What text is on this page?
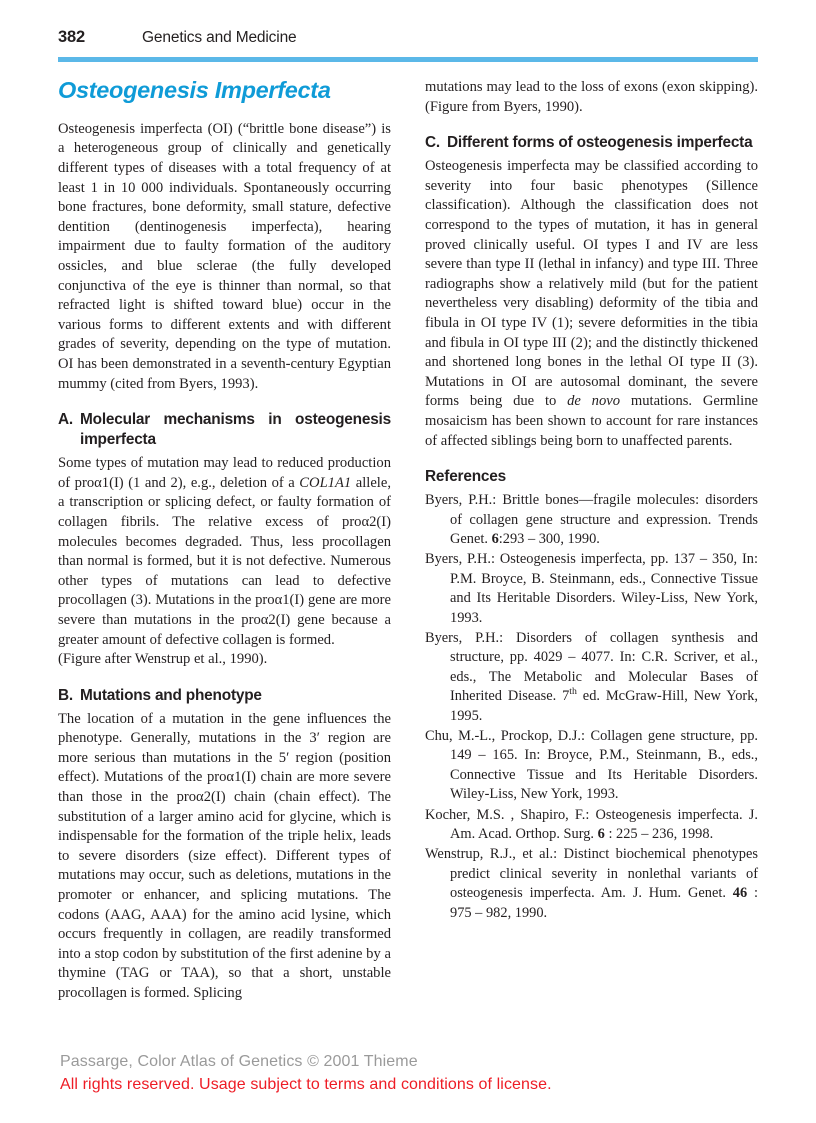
382	Genetics and Medicine
Osteogenesis Imperfecta

Osteogenesis imperfecta (OI) (“brittle bone disease”) is a heterogeneous group of clinically and genetically different types of diseases with a total frequency of at least 1 in 10 000 individuals. Spontaneously occurring bone fractures, bone deformity, small stature, defective dentition (dentinogenesis imperfecta), hearing impairment due to faulty formation of the auditory ossicles, and blue sclerae (the fully developed conjunctiva of the eye is thinner than normal, so that refracted light is shifted toward blue) occur in the various forms to different extents and with different grades of severity, depending on the type of mutation. OI has been demonstrated in a seventh-century Egyptian mummy (cited from Byers, 1993).

A. Molecular mechanisms in osteogenesis imperfecta

Some types of mutation may lead to reduced production of proα1(I) (1 and 2), e.g., deletion of a COL1A1 allele, a transcription or splicing defect, or faulty formation of collagen fibrils. The relative excess of proα2(I) molecules becomes degraded. Thus, less procollagen than normal is formed, but it is not defective. Numerous other types of mutations can lead to defective procollagen (3). Mutations in the proα1(I) gene are more severe than mutations in the proα2(I) gene because a greater amount of defective collagen is formed.

(Figure after Wenstrup et al., 1990).

B. Mutations and phenotype

The location of a mutation in the gene influences the phenotype. Generally, mutations in the 3′ region are more serious than mutations in the 5′ region (position effect). Mutations of the proα1(I) chain are more severe than those in the proα2(I) chain (chain effect). The substitution of a larger amino acid for glycine, which is indispensable for the formation of the triple helix, leads to severe disorders (size effect). Different types of mutations may occur, such as deletions, mutations in the promoter or enhancer, and splicing mutations. The codons (AAG, AAA) for the amino acid lysine, which occurs frequently in collagen, are readily transformed into a stop codon by substitution of the first adenine by a thymine (TAG or TAA), so that a short, unstable procollagen is formed. Splicing

mutations may lead to the loss of exons (exon skipping). (Figure from Byers, 1990).

C. Different forms of osteogenesis imperfecta

Osteogenesis imperfecta may be classified according to severity into four basic phenotypes (Sillence classification). Although the classification does not correspond to the types of mutation, it has in general proved clinically useful. OI types I and IV are less severe than type II (lethal in infancy) and type III. Three radiographs show a relatively mild (but for the patient nevertheless very disabling) deformity of the tibia and fibula in OI type IV (1); severe deformities in the tibia and fibula in OI type III (2); and the distinctly thickened and shortened long bones in the lethal OI type II (3). Mutations in OI are autosomal dominant, the severe forms being due to de novo mutations. Germline mosaicism has been shown to account for rare instances of affected siblings being born to unaffected parents.

References
Byers, P.H.: Brittle bones—fragile molecules: disorders of collagen gene structure and expression. Trends Genet. 6:293 – 300, 1990.
Byers, P.H.: Osteogenesis imperfecta, pp. 137 – 350, In: P.M. Broyce, B. Steinmann, eds., Connective Tissue and Its Heritable Disorders. Wiley-Liss, New York, 1993.
Byers, P.H.: Disorders of collagen synthesis and structure, pp. 4029 – 4077. In: C.R. Scriver, et al., eds., The Metabolic and Molecular Bases of Inherited Disease. 7th ed. McGraw-Hill, New York, 1995.
Chu, M.-L., Prockop, D.J.: Collagen gene structure, pp. 149 – 165. In: Broyce, P.M., Steinmann, B., eds., Connective Tissue and Its Heritable Disorders. Wiley-Liss, New York, 1993.
Kocher, M.S. , Shapiro, F.: Osteogenesis imperfecta. J. Am. Acad. Orthop. Surg. 6 : 225 – 236, 1998.
Wenstrup, R.J., et al.: Distinct biochemical phenotypes predict clinical severity in nonlethal variants of osteogenesis imperfecta. Am. J. Hum. Genet. 46 : 975 – 982, 1990.
Passarge, Color Atlas of Genetics © 2001 Thieme
All rights reserved. Usage subject to terms and conditions of license.
